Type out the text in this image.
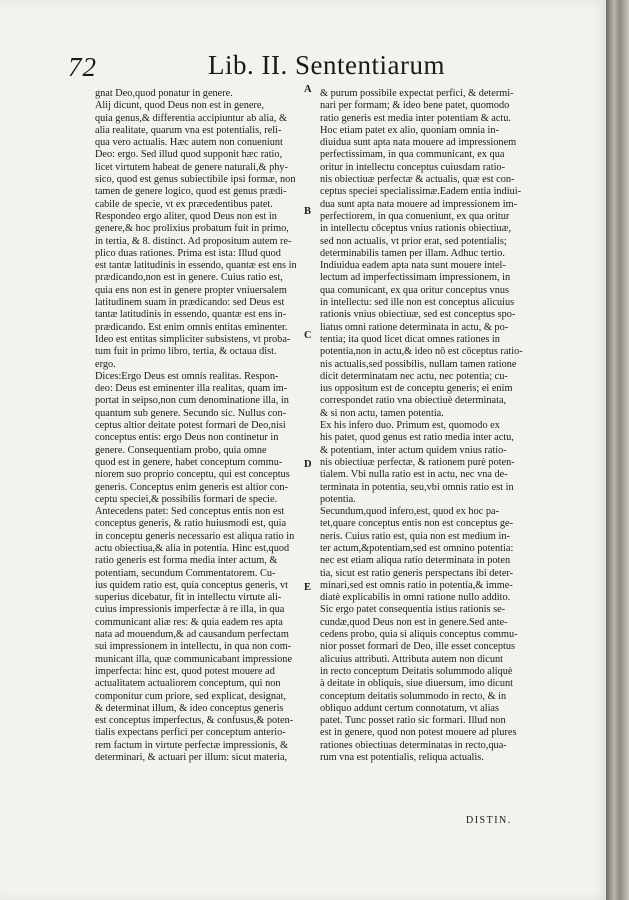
72	Lib. II. Sententiarum
gnat Deo,quod ponatur in genere.
Alij dicunt, quod Deus non est in genere,
quia genus,& differentia accipiuntur ab alia, &
alia realitate, quarum vna est potentialis, reli-
qua vero actualis. Hæc autem non conueniunt
Deo: ergo. Sed illud quod supponit hæc ratio,
licet virtutem habeat de genere naturali,& phy-
sico, quod est genus subiectibile ipsi formæ, non
tamen de genere logico, quod est genus prædi-
cabile de specie, vt ex præcedentibus patet.
Respondeo ergo aliter, quod Deus non est in
genere,& hoc prolixius probatum fuit in primo,
in tertia, & 8. distinct. Ad propositum autem re-
plico duas rationes. Prima est ista: Illud quod
est tantæ latitudinis in essendo, quantæ est ens in
prædicando,non est in genere. Cuius ratio est,
quia ens non est in genere propter vniuersalem
latitudinem suam in prædicando: sed Deus est
tantæ latitudinis in essendo, quantæ est ens in-
prædicando. Est enim omnis entitas eminenter.
Ideo est entitas simpliciter subsistens, vt proba-
tum fuit in primo libro, tertia, & octaua dist.
ergo.
Dices:Ergo Deus est omnis realitas. Respon-
deo: Deus est eminenter illa realitas, quam im-
portat in seipso,non cum denominatione illa, in
quantum sub genere. Secundo sic. Nullus con-
ceptus altior deitate potest formari de Deo,nisi
conceptus entis: ergo Deus non continetur in
genere. Consequentiam probo, quia omne
quod est in genere, habet conceptum commu-
niorem suo proprio conceptu, qui est conceptus
generis. Conceptus enim generis est altior con-
ceptu speciei,& possibilis formari de specie.
Antecedens patet: Sed conceptus entis non est
conceptus generis, & ratio huiusmodi est, quia
in conceptu generis necessario est aliqua ratio in
actu obiectiua,& alia in potentia. Hinc est,quod
ratio generis est forma media inter actum, &
potentiam, secundum Commentatorem. Cu-
ius quidem ratio est, quia conceptus generis, vt
superius dicebatur, fit in intellectu virtute ali-
cuius impressionis imperfectæ à re illa, in qua
communicant aliæ res: & quia eadem res apta
nata ad mouendum,& ad causandum perfectam
sui impressionem in intellectu, in qua non com-
municant illa, quæ communicabant impressione
imperfecta: hinc est, quod potest mouere ad
actualitatem actualiorem conceptum, qui non
componitur cum priore, sed explicat, designat,
& determinat illum, & ideo conceptus generis
est conceptus imperfectus, & confusus,& poten-
tialis expectans perfici per conceptum anterio-
rem factum in virtute perfectæ impressionis, &
determinari, & actuari per illum: sicut materia,
& purum possibile expectat perfici, & determi-
nari per formam; & ideo bene patet, quomodo
ratio generis est media inter potentiam & actu.
Hoc etiam patet ex alio, quoniam omnia in-
diuidua sunt apta nata mouere ad impressionem
perfectissimam, in qua communicant, ex qua
oritur in intellectu conceptus cuiusdam ratio-
nis obiectiuæ perfectæ & actualis, quæ est con-
ceptus speciei specialissimæ.Eadem entia indiui-
dua sunt apta nata mouere ad impressionem im-
perfectiorem, in qua conueniunt, ex qua oritur
in intellectu cōceptus vnius rationis obiectiuæ,
sed non actualis, vt prior erat, sed potentialis;
determinabilis tamen per illam. Adhuc tertio.
Indiuidua eadem apta nata sunt mouere intel-
lectum ad imperfectissimam impressionem, in
qua comunicant, ex qua oritur conceptus vnus
in intellectu: sed ille non est conceptus alicuius
rationis vnius obiectiuæ, sed est conceptus spo-
liatus omni ratione determinata in actu, & po-
tentia; ita quod licet dicat omnes rationes in
potentia,non in actu,& ideo nō est cōceptus ratio-
nis actualis,sed possibilis, nullam tamen ratione
dicit determinatam nec actu, nec potentia; cu-
ius oppositum est de conceptu generis; ei enim
correspondet ratio vna obiectiuè determinata,
& si non actu, tamen potentia.
Ex his infero duo. Primum est, quomodo ex
his patet, quod genus est ratio media inter actu,
& potentiam, inter actum quidem vnius ratio-
nis obiectiuæ perfectæ, & rationem purè poten-
tialem. Vbi nulla ratio est in actu, nec vna de-
terminata in potentia, seu,vbi omnis ratio est in
potentia.
Secundum,quod infero,est, quod ex hoc pa-
tet,quare conceptus entis non est conceptus ge-
neris. Cuius ratio est, quia non est medium in-
ter actum,&potentiam,sed est omnino potentia:
nec est etiam aliqua ratio determinata in poten
tia, sicut est ratio generis perspectans ibi deter-
minari,sed est omnis ratio in potentia,& imme-
diatè explicabilis in omni ratione nullo addito.
Sic ergo patet consequentia istius rationis se-
cundæ,quod Deus non est in genere.Sed ante-
cedens probo, quia si aliquis conceptus commu-
nior posset formari de Deo, ille esset conceptus
alicuius attributi. Attributa autem non dicunt
in recto conceptum Deitatis solummodo aliquè
à deitate in obliquis, siue diuersum, imo dicunt
conceptum deitatis solummodo in recto, & in
obliquo addunt certum connotatum, vt alias
patet. Tunc posset ratio sic formari. Illud non
est in genere, quod non potest mouere ad plures
rationes obiectiuas determinatas in recto,qua-
rum vna est potentialis, reliqua actualis.
A
B
C
D
E
DISTIN.
